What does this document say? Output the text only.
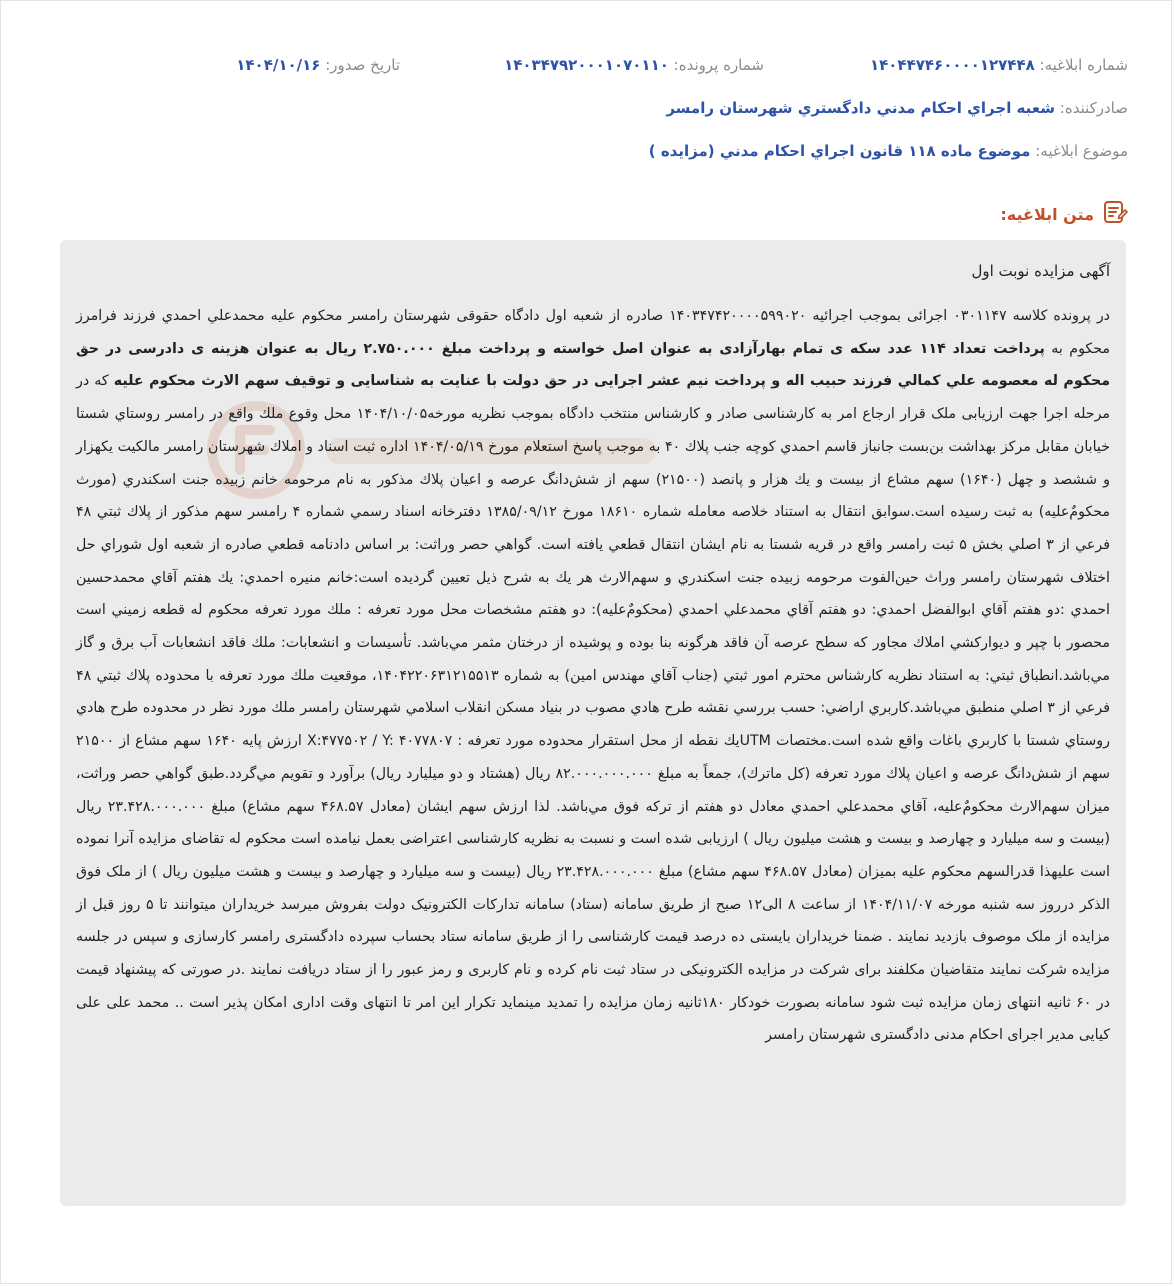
شماره ابلاغیه: ۱۴۰۴۴۷۴۶۰۰۰۰۱۲۷۴۴۸
شماره پرونده: ۱۴۰۳۴۷۹۲۰۰۰۱۰۷۰۱۱۰
تاریخ صدور: ۱۴۰۴/۱۰/۱۶
صادرکننده: شعبه اجراي احكام مدني دادگستري شهرستان رامسر
موضوع ابلاغیه: موضوع ماده ۱۱۸ قانون اجراي احكام مدني (مزايده )
متن ابلاغیه:
آگهی مزایده نوبت اول
در پرونده کلاسه ۰۳۰۱۱۴۷ اجرائی بموجب اجرائیه ۱۴۰۳۴۷۴۲۰۰۰۰۵۹۹۰۲۰ صادره از شعبه اول دادگاه حقوقی شهرستان رامسر محکوم علیه محمدعلي احمدي فرزند فرامرز محکوم به پرداخت تعداد ۱۱۴ عدد سکه ی تمام بهارآزادی به عنوان اصل خواسته و پرداخت مبلغ ۲.۷۵۰.۰۰۰ ریال به عنوان هزینه ی دادرسی در حق محکوم له معصومه علي كمالي فرزند حبيب اله و پرداخت نیم عشر اجرایی در حق دولت با عنایت به شناسایی و توقیف سهم الارث محکوم علیه که در مرحله اجرا جهت ارزیابی ملک قرار ارجاع امر به کارشناسی صادر و کارشناس منتخب دادگاه بموجب نظریه مورخه۱۴۰۴/۱۰/۰۵ محل وقوع ملك واقع در رامسر روستاي شستا خيابان مقابل مركز بهداشت بن‌بست جانباز قاسم احمدي كوچه جنب پلاك ۴۰ به موجب پاسخ استعلام مورخ ۱۴۰۴/۰۵/۱۹ اداره ثبت اسناد و املاك شهرستان رامسر مالكيت يكهزار و ششصد و چهل (۱۶۴۰) سهم مشاع از بيست و يك هزار و پانصد (۲۱۵۰۰) سهم از شش‌دانگ عرصه و اعيان پلاك مذكور به نام مرحومه خانم زبيده جنت اسكندري (مورث محكومٌ‌عليه) به ثبت رسيده است.سوابق انتقال به استناد خلاصه معامله شماره ۱۸۶۱۰ مورخ ۱۳۸۵/۰۹/۱۲ دفترخانه اسناد رسمي شماره ۴ رامسر سهم مذكور از پلاك ثبتي ۴۸ فرعي از ۳ اصلي بخش ۵ ثبت رامسر واقع در قريه شستا به نام ايشان انتقال قطعي يافته است. گواهي حصر وراثت: بر اساس دادنامه قطعي صادره از شعبه اول شوراي حل اختلاف شهرستان رامسر وراث حين‌الفوت مرحومه زبيده جنت اسكندري و سهم‌الارث هر يك به شرح ذيل تعيين گرديده است:خانم منيره احمدي: يك هفتم آقاي محمدحسين احمدي :دو هفتم آقاي ابوالفضل احمدي: دو هفتم آقاي محمدعلي احمدي (محكومٌ‌عليه): دو هفتم مشخصات محل مورد تعرفه : ملك مورد تعرفه محكوم له قطعه زميني است محصور با چپر و ديواركشي املاك مجاور كه سطح عرصه آن فاقد هرگونه بنا بوده و پوشيده از درختان مثمر مي‌باشد. تأسيسات و انشعابات: ملك فاقد انشعابات آب برق و گاز مي‌باشد.انطباق ثبتي: به استناد نظريه كارشناس محترم امور ثبتي (جناب آقاي مهندس امين) به شماره ۱۴۰۴۲۲۰۶۳۱۲۱۵۵۱۳، موقعيت ملك مورد تعرفه با محدوده پلاك ثبتي ۴۸ فرعي از ۳ اصلي منطبق مي‌باشد.كاربري اراضي: حسب بررسي نقشه طرح هادي مصوب در بنياد مسكن انقلاب اسلامي شهرستان رامسر ملك مورد نظر در محدوده طرح هادي روستاي شستا با كاربري باغات واقع شده است.مختصات UTMيك نقطه از محل استقرار محدوده مورد تعرفه : X:۴۷۷۵۰۲ / Y: ۴۰۷۷۸۰۷ ارزش پايه ۱۶۴۰ سهم مشاع از ۲۱۵۰۰ سهم از شش‌دانگ عرصه و اعيان پلاك مورد تعرفه (كل ماترك)، جمعاً به مبلغ ۸۲.۰۰۰.۰۰۰.۰۰۰ ريال (هشتاد و دو ميليارد ريال) برآورد و تقويم مي‌گردد.طبق گواهي حصر وراثت، ميزان سهم‌الارث محكومٌ‌عليه، آقاي محمدعلي احمدي معادل دو هفتم از تركه فوق مي‌باشد. لذا ارزش سهم ايشان (معادل ۴۶۸.۵۷ سهم مشاع) مبلغ ۲۳.۴۲۸.۰۰۰.۰۰۰ ريال (بيست و سه ميليارد و چهارصد و بيست و هشت ميليون ريال ) ارزيابی شده است و نسبت به نظریه کارشناسی اعتراضی بعمل نیامده است محکوم له تقاضای مزایده آنرا نموده است علیهذا قدرالسهم محکوم علیه بمیزان (معادل ۴۶۸.۵۷ سهم مشاع) مبلغ ۲۳.۴۲۸.۰۰۰.۰۰۰ ريال (بيست و سه ميليارد و چهارصد و بيست و هشت ميليون ريال ) از ملک فوق الذکر درروز سه شنبه مورخه ۱۴۰۴/۱۱/۰۷ از ساعت ۸ الی۱۲ صبح از طریق سامانه (ستاد) سامانه تدارکات الکترونیک دولت بفروش میرسد خریداران میتوانند تا ۵ روز قبل از مزایده از ملک موصوف بازدید نمایند . ضمنا خریداران بایستی ده درصد قیمت کارشناسی را از طریق سامانه ستاد بحساب سپرده دادگستری رامسر کارسازی و سپس در جلسه مزایده شرکت نمایند متقاضیان مکلفند برای شرکت در مزایده الکترونیکی در ستاد ثبت نام کرده و نام کاربری و رمز عبور را از ستاد دریافت نمایند .در صورتی که پیشنهاد قیمت در ۶۰ ثانیه انتهای زمان مزایده ثبت شود سامانه بصورت خودکار ۱۸۰ثانیه زمان مزایده را تمدید مینماید تکرار این امر تا انتهای وقت اداری امکان پذیر است .. محمد علی علی کیایی مدیر اجرای احکام مدنی دادگستری شهرستان رامسر
